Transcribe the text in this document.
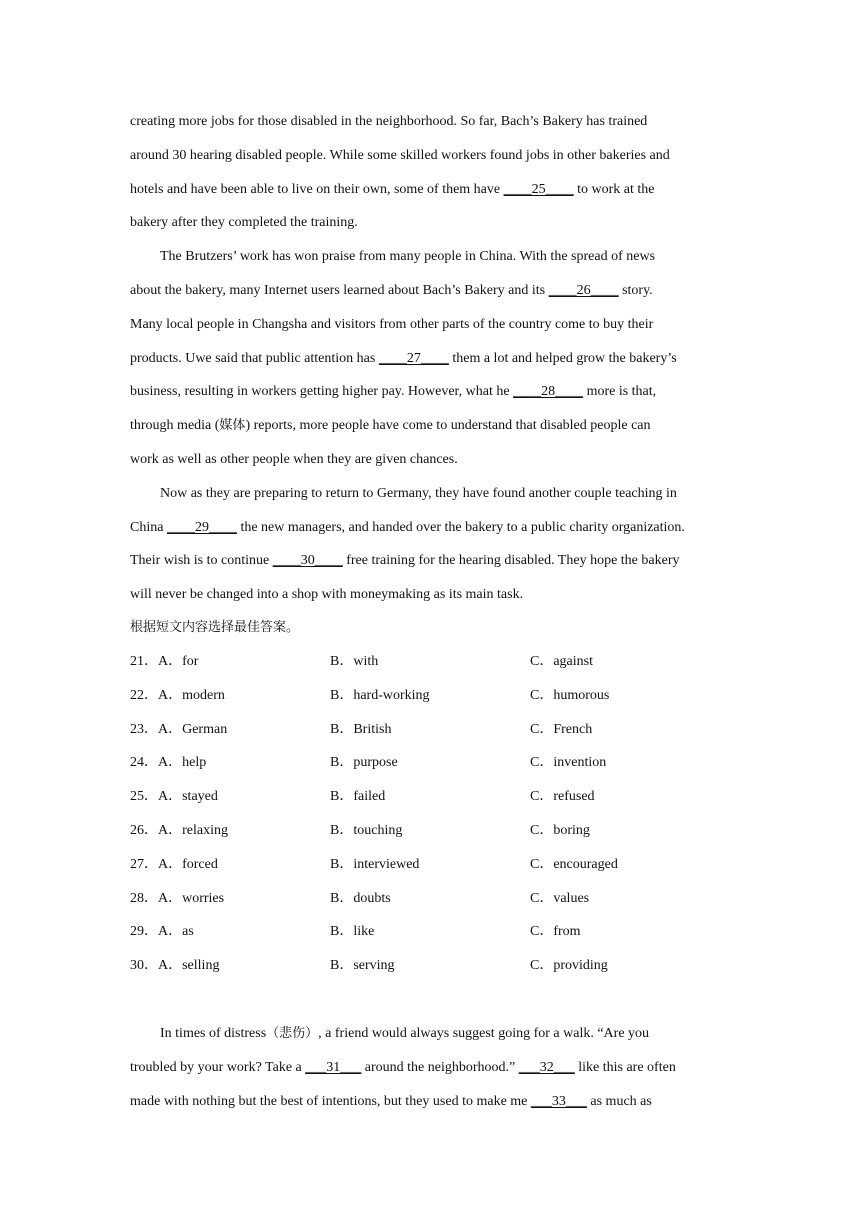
creating more jobs for those disabled in the neighborhood. So far, Bach’s Bakery has trained
around 30 hearing disabled people. While some skilled workers found jobs in other bakeries and
hotels and have been able to live on their own, some of them have ____25____ to work at the
bakery after they completed the training.
The Brutzers’ work has won praise from many people in China. With the spread of news
about the bakery, many Internet users learned about Bach’s Bakery and its ____26____ story.
Many local people in Changsha and visitors from other parts of the country come to buy their
products. Uwe said that public attention has ____27____ them a lot and helped grow the bakery’s
business, resulting in workers getting higher pay. However, what he ____28____ more is that,
through media (媒体) reports, more people have come to understand that disabled people can
work as well as other people when they are given chances.
Now as they are preparing to return to Germany, they have found another couple teaching in
China ____29____ the new managers, and handed over the bakery to a public charity organization.
Their wish is to continue ____30____ free training for the hearing disabled. They hope the bakery
will never be changed into a shop with moneymaking as its main task.
根据短文内容选择最佳答案。
21．A．for	B．with	C．against
22．A．modern	B．hard-working	C．humorous
23．A．German	B．British	C．French
24．A．help	B．purpose	C．invention
25．A．stayed	B．failed	C．refused
26．A．relaxing	B．touching	C．boring
27．A．forced	B．interviewed	C．encouraged
28．A．worries	B．doubts	C．values
29．A．as	B．like	C．from
30．A．selling	B．serving	C．providing
In times of distress（悲伤）, a friend would always suggest going for a walk. “Are you
troubled by your work? Take a ___31___ around the neighborhood.” ___32___ like this are often
made with nothing but the best of intentions, but they used to make me ___33___ as much as
